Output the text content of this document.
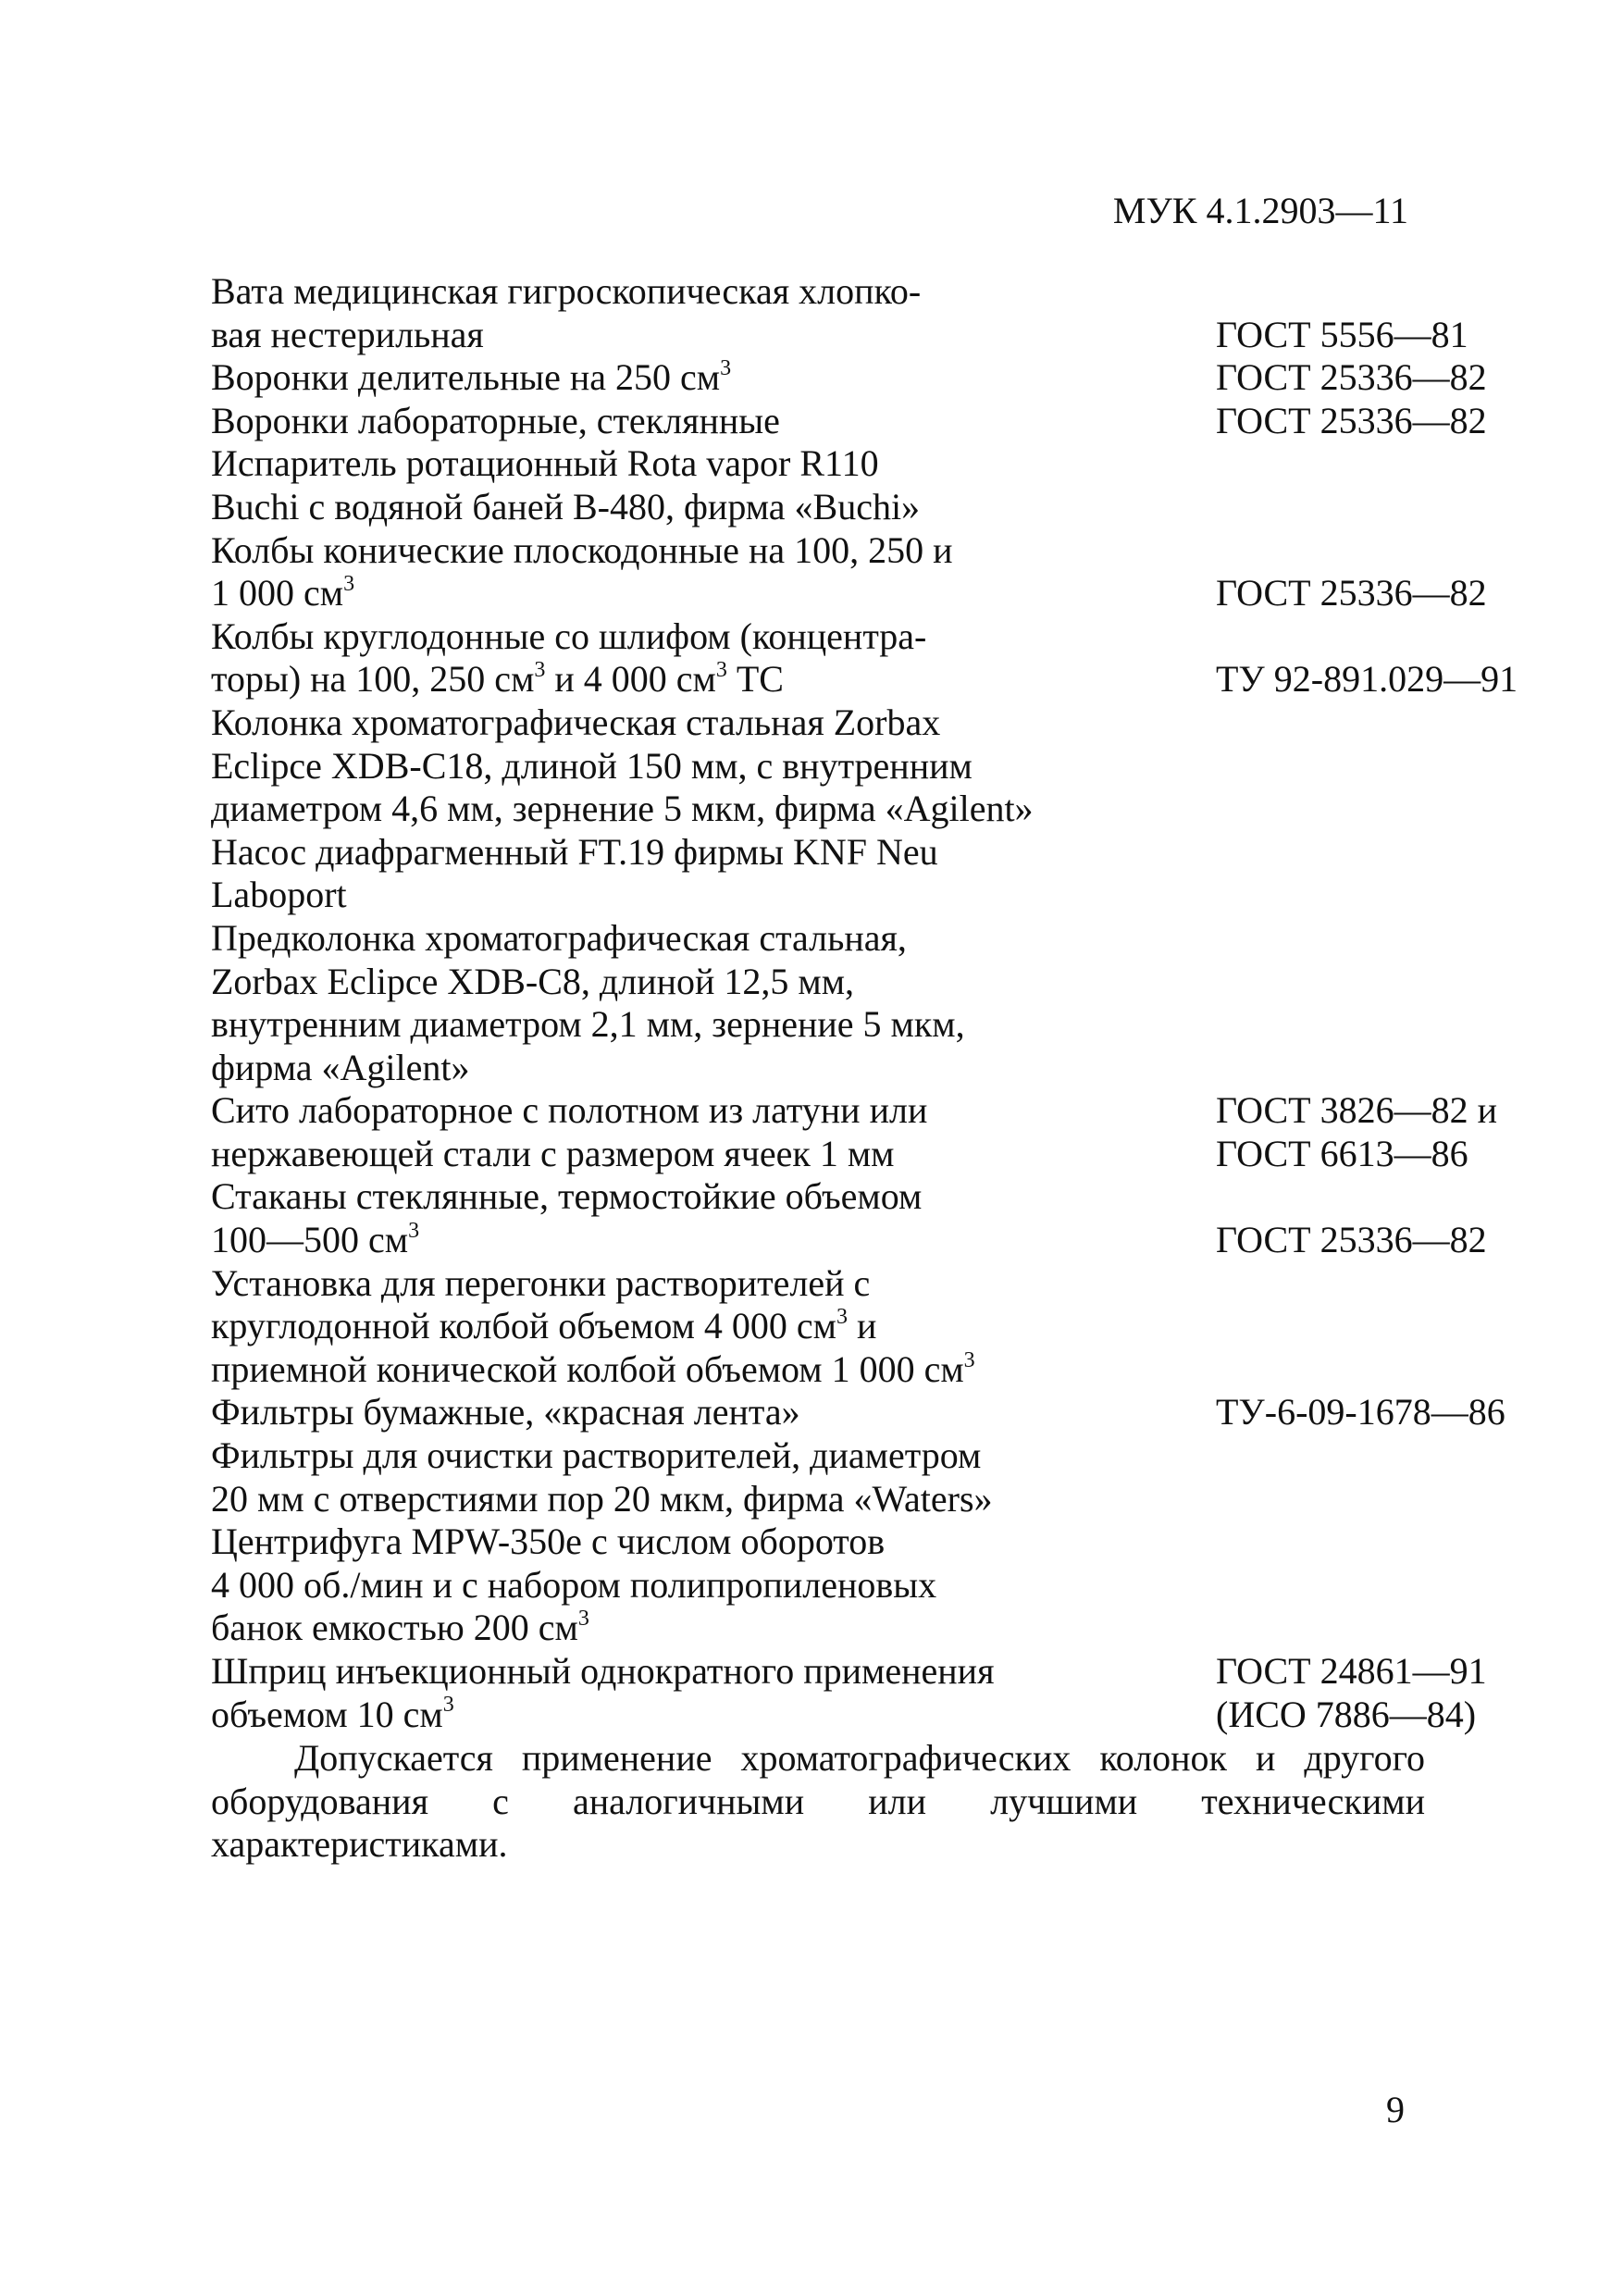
МУК 4.1.2903—11
Вата медицинская гигроскопическая хлопко-
вая нестерильная	ГОСТ 5556—81
Воронки делительные на 250 $см^3$	ГОСТ 25336—82
Воронки лабораторные, стеклянные	ГОСТ 25336—82
Испаритель ротационный Rota vapor R110
Buchi с водяной баней B-480, фирма «Buchi»
Колбы конические плоскодонные на 100, 250 и
1 000 $см^3$	ГОСТ 25336—82
Колбы круглодонные со шлифом (концентра-
торы) на 100, 250 $см^3$ и 4 000 $см^3$ ТС	ТУ 92-891.029—91
Колонка хроматографическая стальная Zorbax
Eclipce XDB-C18, длиной 150 мм, с внутренним
диаметром 4,6 мм, зернение 5 мкм, фирма «Agilent»
Насос диафрагменный FT.19 фирмы KNF Neu
Laboport
Предколонка хроматографическая стальная,
Zorbax Eclipce XDB-C8, длиной 12,5 мм,
внутренним диаметром 2,1 мм, зернение 5 мкм,
фирма «Agilent»
Сито лабораторное с полотном из латуни или	ГОСТ 3826—82 и
нержавеющей стали с размером ячеек 1 мм	ГОСТ 6613—86
Стаканы стеклянные, термостойкие объемом
100—500 $см^3$	ГОСТ 25336—82
Установка для перегонки растворителей с
круглодонной колбой объемом 4 000 $см^3$ и
приемной конической колбой объемом 1 000 $см^3$
Фильтры бумажные, «красная лента»	ТУ-6-09-1678—86
Фильтры для очистки растворителей, диаметром
20 мм с отверстиями пор 20 мкм, фирма «Waters»
Центрифуга MPW-350e с числом оборотов
4 000 об./мин и с набором полипропиленовых
банок емкостью 200 $см^3$
Шприц инъекционный однократного применения	ГОСТ 24861—91
объемом 10 $см^3$	(ИСО 7886—84)

Допускается применение хроматографических колонок и другого оборудования с аналогичными или лучшими техническими характеристиками.

9
